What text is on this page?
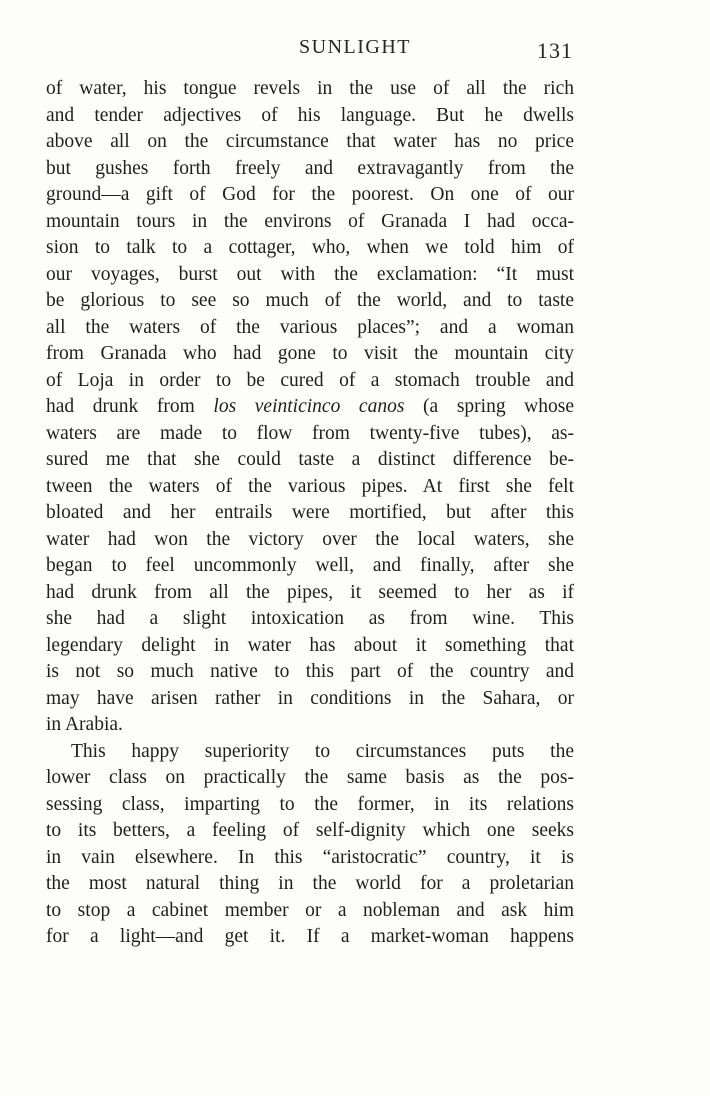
SUNLIGHT	131
of water, his tongue revels in the use of all the rich
and tender adjectives of his language. But he dwells
above all on the circumstance that water has no price
but gushes forth freely and extravagantly from the
ground—a gift of God for the poorest. On one of our
mountain tours in the environs of Granada I had occa-
sion to talk to a cottager, who, when we told him of
our voyages, burst out with the exclamation: “It must
be glorious to see so much of the world, and to taste
all the waters of the various places”; and a woman
from Granada who had gone to visit the mountain city
of Loja in order to be cured of a stomach trouble and
had drunk from los veinticinco canos (a spring whose
waters are made to flow from twenty-five tubes), as-
sured me that she could taste a distinct difference be-
tween the waters of the various pipes. At first she felt
bloated and her entrails were mortified, but after this
water had won the victory over the local waters, she
began to feel uncommonly well, and finally, after she
had drunk from all the pipes, it seemed to her as if
she had a slight intoxication as from wine. This
legendary delight in water has about it something that
is not so much native to this part of the country and
may have arisen rather in conditions in the Sahara, or
in Arabia.
This happy superiority to circumstances puts the
lower class on practically the same basis as the pos-
sessing class, imparting to the former, in its relations
to its betters, a feeling of self-dignity which one seeks
in vain elsewhere. In this “aristocratic” country, it is
the most natural thing in the world for a proletarian
to stop a cabinet member or a nobleman and ask him
for a light—and get it. If a market-woman happens
